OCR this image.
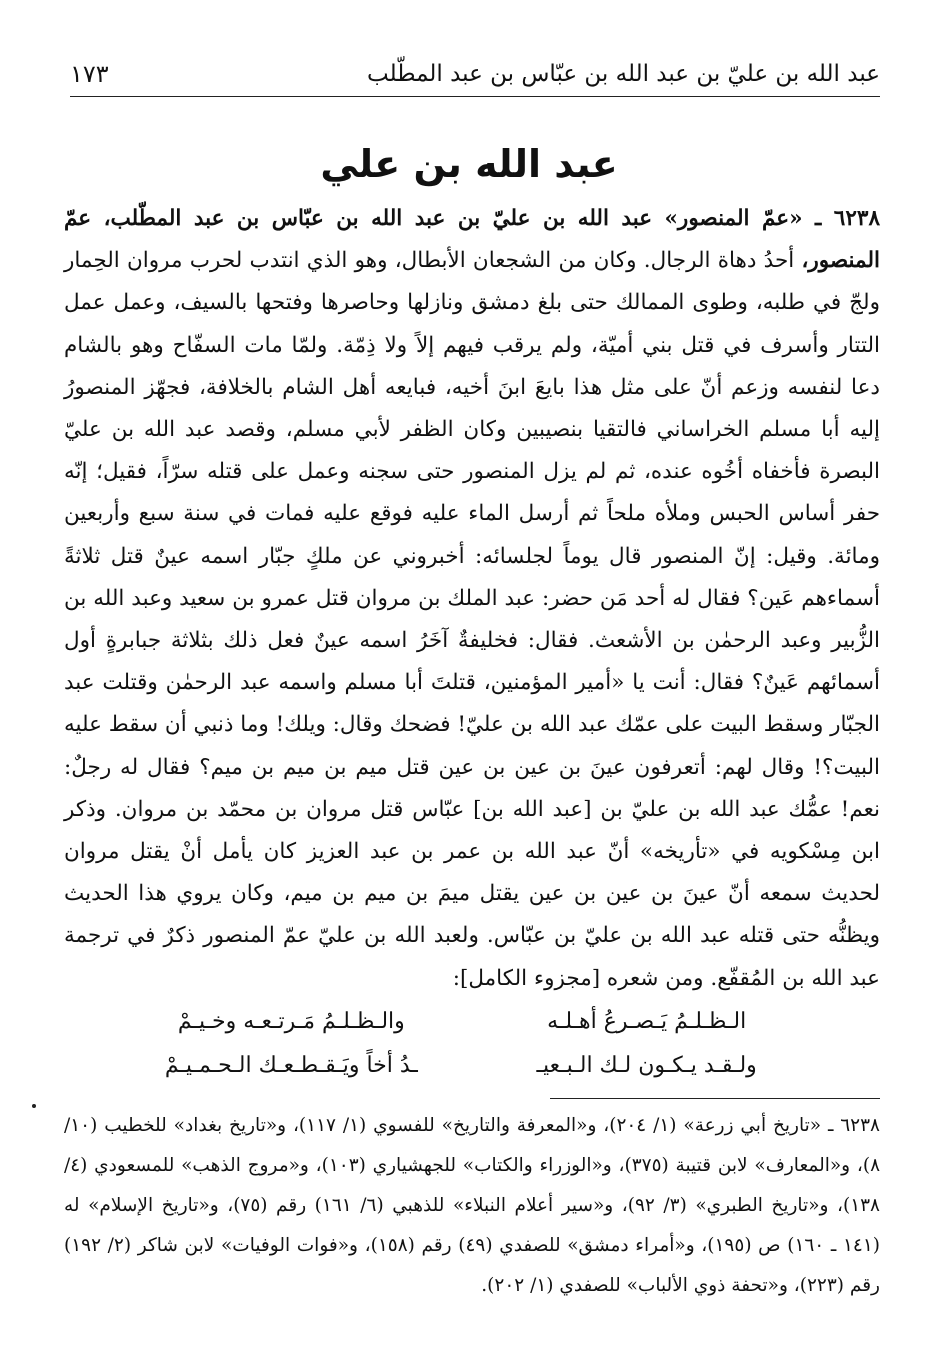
عبد الله بن عليّ بن عبد الله بن عبّاس بن عبد المطّلب
١٧٣
عبد الله بن علي
٦٢٣٨ ـ «عمّ المنصور» عبد الله بن عليّ بن عبد الله بن عبّاس بن عبد المطّلب، عمّ المنصور، أحدُ دهاة الرجال. وكان من الشجعان الأبطال، وهو الذي انتدب لحرب مروان الحِمار ولجّ في طلبه، وطوى الممالك حتى بلغ دمشق ونازلها وحاصرها وفتحها بالسيف، وعمل عمل التتار وأسرف في قتل بني أميّة، ولم يرقب فيهم إلاً ولا ذِمّة. ولمّا مات السفّاح وهو بالشام دعا لنفسه وزعم أنّ على مثل هذا بايعَ ابنَ أخيه، فبايعه أهل الشام بالخلافة، فجهّز المنصورُ إليه أبا مسلم الخراساني فالتقيا بنصيبين وكان الظفر لأبي مسلم، وقصد عبد الله بن عليّ البصرة فأخفاه أخُوه عنده، ثم لم يزل المنصور حتى سجنه وعمل على قتله سرّاً، فقيل؛ إنّه حفر أساس الحبس وملأه ملحاً ثم أرسل الماء عليه فوقع عليه فمات في سنة سبع وأربعين ومائة. وقيل: إنّ المنصور قال يوماً لجلسائه: أخبروني عن ملكٍ جبّار اسمه عينٌ قتل ثلاثةً أسماءهم عَين؟ فقال له أحد مَن حضر: عبد الملك بن مروان قتل عمرو بن سعيد وعبد الله بن الزُّبير وعبد الرحمٰن بن الأشعث. فقال: فخليفةٌ آخَرُ اسمه عينٌ فعل ذلك بثلاثة جبابرةٍ أول أسمائهم عَينٌ؟ فقال: أنت يا «أمير المؤمنين، قتلتَ أبا مسلم واسمه عبد الرحمٰن وقتلت عبد الجبّار وسقط البيت على عمّك عبد الله بن عليّ! فضحك وقال: ويلك! وما ذنبي أن سقط عليه البيت؟! وقال لهم: أتعرفون عينَ بن عين بن عين قتل ميم بن ميم بن ميم؟ فقال له رجلٌ: نعم! عمُّك عبد الله بن عليّ بن [عبد الله بن] عبّاس قتل مروان بن محمّد بن مروان. وذكر ابن مِسْكويه في «تأريخه» أنّ عبد الله بن عمر بن عبد العزيز كان يأمل أنْ يقتل مروان لحديث سمعه أنّ عينَ بن عين بن عين يقتل ميمَ بن ميم بن ميم، وكان يروي هذا الحديث ويظنُّه حتى قتله عبد الله بن عليّ بن عبّاس. ولعبد الله بن عليّ عمّ المنصور ذكرٌ في ترجمة عبد الله بن المُقفّع. ومن شعره [مجزوء الكامل]:
الـظـلـمُ يَـصـرعُ أهـلـه
والـظـلـمُ مَـرتـعـه وخـيـمْ
ولـقـد يـكـون لـك الـبـعيـ
ـدُ أخاً ويَـقـطـعـك الـحـمـيـمْ
٦٢٣٨ ـ «تاريخ أبي زرعة» (١/ ٢٠٤)، و«المعرفة والتاريخ» للفسوي (١/ ١١٧)، و«تاريخ بغداد» للخطيب (١٠/ ٨)، و«المعارف» لابن قتيبة (٣٧٥)، و«الوزراء والكتاب» للجهشياري (١٠٣)، و«مروج الذهب» للمسعودي (٤/ ١٣٨)، و«تاريخ الطبري» (٣/ ٩٢)، و«سير أعلام النبلاء» للذهبي (٦/ ١٦١) رقم (٧٥)، و«تاريخ الإسلام» له (١٤١ ـ ١٦٠) ص (١٩٥)، و«أمراء دمشق» للصفدي (٤٩) رقم (١٥٨)، و«فوات الوفيات» لابن شاكر (٢/ ١٩٢) رقم (٢٢٣)، و«تحفة ذوي الألباب» للصفدي (١/ ٢٠٢).
